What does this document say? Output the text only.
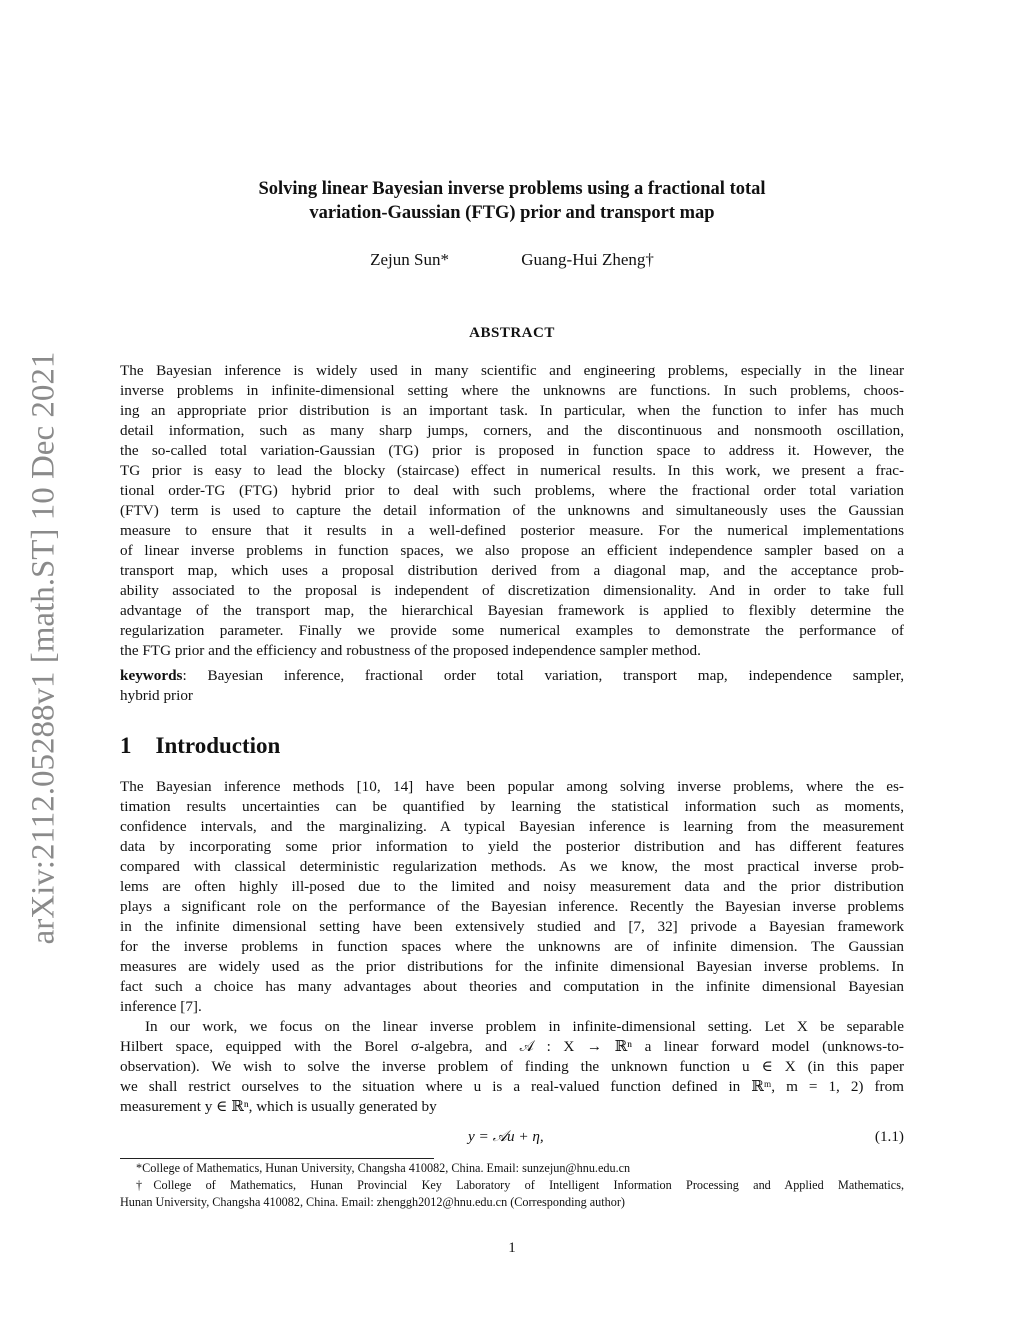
arXiv:2112.05288v1 [math.ST] 10 Dec 2021
Solving linear Bayesian inverse problems using a fractional total
variation-Gaussian (FTG) prior and transport map
Zejun Sun*	Guang-Hui Zheng†
ABSTRACT
The Bayesian inference is widely used in many scientific and engineering problems, especially in the linear
inverse problems in infinite-dimensional setting where the unknowns are functions. In such problems, choos-
ing an appropriate prior distribution is an important task. In particular, when the function to infer has much
detail information, such as many sharp jumps, corners, and the discontinuous and nonsmooth oscillation,
the so-called total variation-Gaussian (TG) prior is proposed in function space to address it. However, the
TG prior is easy to lead the blocky (staircase) effect in numerical results. In this work, we present a frac-
tional order-TG (FTG) hybrid prior to deal with such problems, where the fractional order total variation
(FTV) term is used to capture the detail information of the unknowns and simultaneously uses the Gaussian
measure to ensure that it results in a well-defined posterior measure. For the numerical implementations
of linear inverse problems in function spaces, we also propose an efficient independence sampler based on a
transport map, which uses a proposal distribution derived from a diagonal map, and the acceptance prob-
ability associated to the proposal is independent of discretization dimensionality. And in order to take full
advantage of the transport map, the hierarchical Bayesian framework is applied to flexibly determine the
regularization parameter. Finally we provide some numerical examples to demonstrate the performance of
the FTG prior and the efficiency and robustness of the proposed independence sampler method.
keywords: Bayesian inference, fractional order total variation, transport map, independence sampler,
hybrid prior
1 Introduction
The Bayesian inference methods [10, 14] have been popular among solving inverse problems, where the es-
timation results uncertainties can be quantified by learning the statistical information such as moments,
confidence intervals, and the marginalizing. A typical Bayesian inference is learning from the measurement
data by incorporating some prior information to yield the posterior distribution and has different features
compared with classical deterministic regularization methods. As we know, the most practical inverse prob-
lems are often highly ill-posed due to the limited and noisy measurement data and the prior distribution
plays a significant role on the performance of the Bayesian inference. Recently the Bayesian inverse problems
in the infinite dimensional setting have been extensively studied and [7, 32] privode a Bayesian framework
for the inverse problems in function spaces where the unknowns are of infinite dimension. The Gaussian
measures are widely used as the prior distributions for the infinite dimensional Bayesian inverse problems. In
fact such a choice has many advantages about theories and computation in the infinite dimensional Bayesian
inference [7].
In our work, we focus on the linear inverse problem in infinite-dimensional setting. Let X be separable
Hilbert space, equipped with the Borel σ-algebra, and 𝒜 : X → ℝⁿ a linear forward model (unknows-to-
observation). We wish to solve the inverse problem of finding the unknown function u ∈ X (in this paper
we shall restrict ourselves to the situation where u is a real-valued function defined in ℝᵐ, m = 1, 2) from
measurement y ∈ ℝⁿ, which is usually generated by
y = 𝒜u + η,	(1.1)
*College of Mathematics, Hunan University, Changsha 410082, China. Email: sunzejun@hnu.edu.cn
†College of Mathematics, Hunan Provincial Key Laboratory of Intelligent Information Processing and Applied Mathematics,
Hunan University, Changsha 410082, China. Email: zhenggh2012@hnu.edu.cn (Corresponding author)
1
